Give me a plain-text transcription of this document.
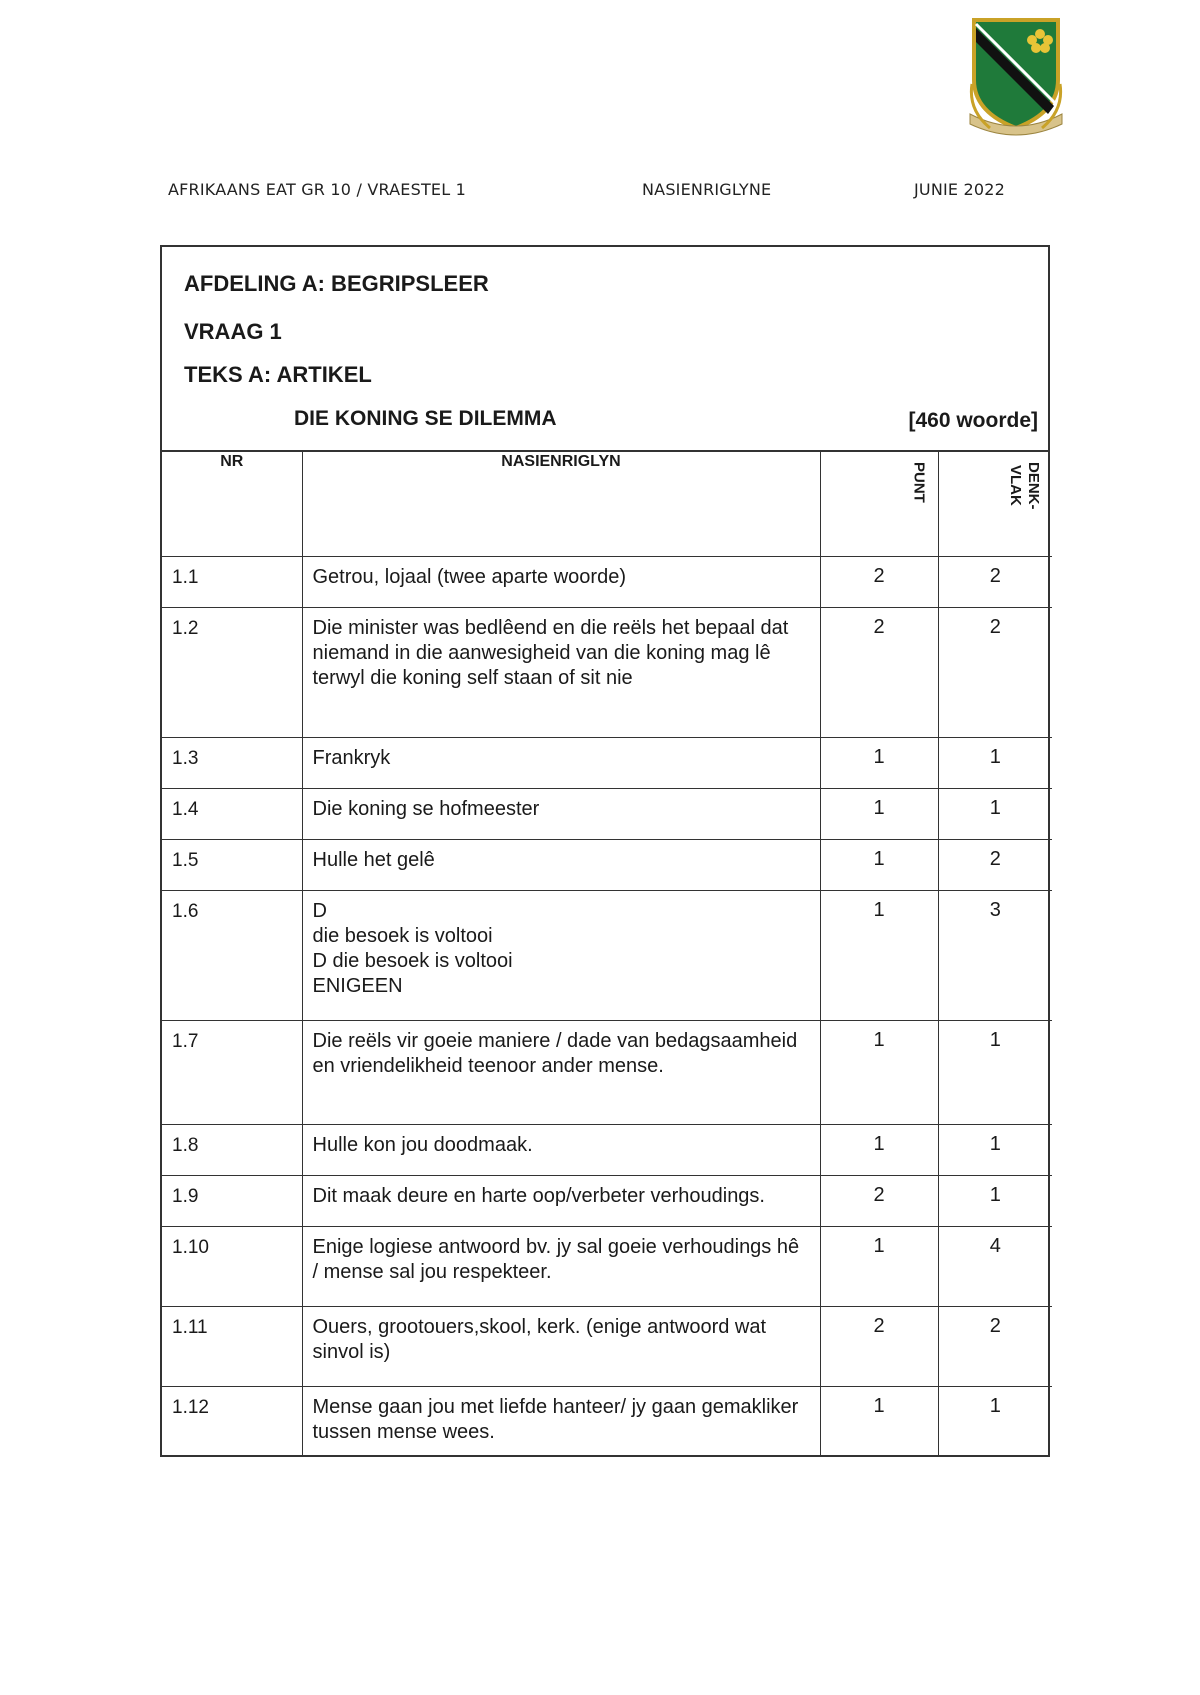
AFRIKAANS EAT GR 10 / VRAESTEL 1	NASIENRIGLYNE	JUNIE 2022
AFDELING A: BEGRIPSLEER
VRAAG 1
TEKS A: ARTIKEL
DIE KONING SE DILEMMA	[460 woorde]
NR	NASIENRIGLYN	PUNT	DENK-
VLAK

1.1	Getrou, lojaal (twee aparte woorde)	2	2
1.2	Die minister was bedlêend en die reëls het bepaal dat niemand in die aanwesigheid van die koning mag lê terwyl die koning self staan of sit nie	2	2
1.3	Frankryk	1	1
1.4	Die koning se hofmeester	1	1
1.5	Hulle het gelê	1	2
1.6	D
die besoek is voltooi
D die besoek is voltooi
ENIGEEN	1	3
1.7	Die reëls vir goeie maniere / dade van bedagsaamheid en vriendelikheid teenoor ander mense.	1	1
1.8	Hulle kon jou doodmaak.	1	1
1.9	Dit maak deure en harte oop/verbeter verhoudings.	2	1
1.10	Enige logiese antwoord bv. jy sal goeie verhoudings hê / mense sal jou respekteer.	1	4
1.11	Ouers, grootouers,skool, kerk. (enige antwoord wat sinvol is)	2	2
1.12	Mense gaan jou met liefde hanteer/ jy gaan gemakliker tussen mense wees.	1	1
